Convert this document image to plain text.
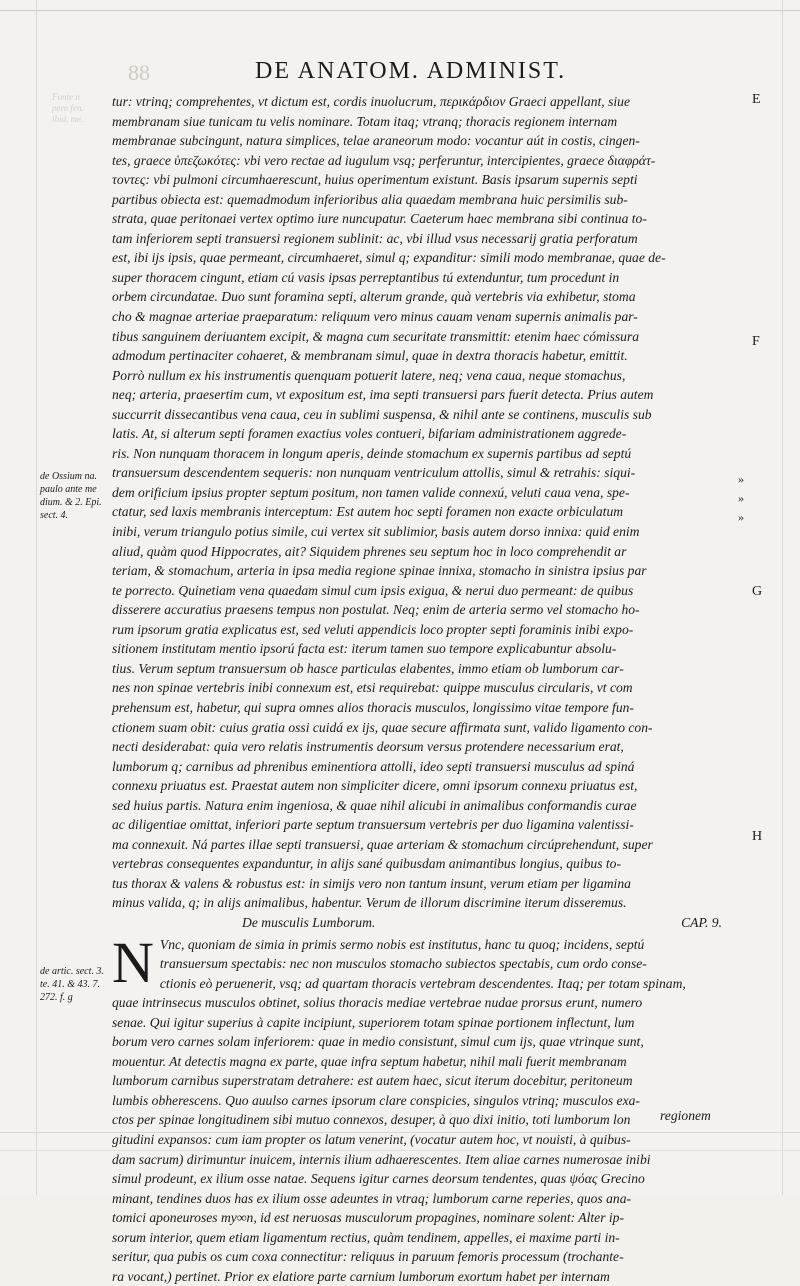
88	DE ANATOM. ADMINIST.
Fonte n
pero fen.
ibid. me.
tur: vtrinq; comprehentes, vt dictum est, cordis inuolucrum, περικάρδιον Graeci appellant, siue
membranam siue tunicam tu velis nominare. Totam itaq; vtranq; thoracis regionem internam
membranae subcingunt, natura simplices, telae araneorum modo: vocantur aút in costis, cingen-
tes, graece ὑπεζωκότες: vbi vero rectae ad iugulum vsq; perferuntur, intercipientes, graece διαφράτ-
τοντες: vbi pulmoni circumhaerescunt, huius operimentum existunt. Basis ipsarum supernis septi
partibus obiecta est: quemadmodum inferioribus alia quaedam membrana huic persimilis sub-
strata, quae peritonaei vertex optimo iure nuncupatur. Caeterum haec membrana sibi continua to-
tam inferiorem septi transuersi regionem sublinit: ac, vbi illud vsus necessarij gratia perforatum
est, ibi ijs ipsis, quae permeant, circumhaeret, simul q; expanditur: simili modo membranae, quae de-
super thoracem cingunt, etiam cú vasis ipsas perreptantibus tú extenduntur, tum procedunt in
orbem circundatae. Duo sunt foramina septi, alterum grande, quà vertebris via exhibetur, stoma
cho & magnae arteriae praeparatum: reliquum vero minus cauam venam supernis animalis par-
tibus sanguinem deriuantem excipit, & magna cum securitate transmittit: etenim haec cómissura
admodum pertinaciter cohaeret, & membranam simul, quae in dextra thoracis habetur, emittit.
Porrò nullum ex his instrumentis quenquam potuerit latere, neq; vena caua, neque stomachus,
neq; arteria, praesertim cum, vt expositum est, ima septi transuersi pars fuerit detecta. Prius autem
succurrit dissecantibus vena caua, ceu in sublimi suspensa, & nihil ante se continens, musculis sub
latis. At, si alterum septi foramen exactius voles contueri, bifariam administrationem aggrede-
ris. Non nunquam thoracem in longum aperis, deinde stomachum ex supernis partibus ad septú
transuersum descendentem sequeris: non nunquam ventriculum attollis, simul & retrahis: siqui-
dem orificium ipsius propter septum positum, non tamen valide connexú, veluti caua vena, spe-
ctatur, sed laxis membranis interceptum: Est autem hoc septi foramen non exacte orbiculatum
inibi, verum triangulo potius simile, cui vertex sit sublimior, basis autem dorso innixa: quid enim
aliud, quàm quod Hippocrates, ait? Siquidem phrenes seu septum hoc in loco comprehendit ar
teriam, & stomachum, arteria in ipsa media regione spinae innixa, stomacho in sinistra ipsius par
te porrecto. Quinetiam vena quaedam simul cum ipsis exigua, & nerui duo permeant: de quibus
disserere accuratius praesens tempus non postulat. Neq; enim de arteria sermo vel stomacho ho-
rum ipsorum gratia explicatus est, sed veluti appendicis loco propter septi foraminis inibi expo-
sitionem institutam mentio ipsorú facta est: iterum tamen suo tempore explicabuntur absolu-
tius. Verum septum transuersum ob hasce particulas elabentes, immo etiam ob lumborum car-
nes non spinae vertebris inibi connexum est, etsi requirebat: quippe musculus circularis, vt com
prehensum est, habetur, qui supra omnes alios thoracis musculos, longissimo vitae tempore fun-
ctionem suam obit: cuius gratia ossi cuidá ex ijs, quae secure affirmata sunt, valido ligamento con-
necti desiderabat: quia vero relatis instrumentis deorsum versus protendere necessarium erat,
lumborum q; carnibus ad phrenibus eminentiora attolli, ideo septi transuersi musculus ad spiná
connexu priuatus est. Praestat autem non simpliciter dicere, omni ipsorum connexu priuatus est,
sed huius partis. Natura enim ingeniosa, & quae nihil alicubi in animalibus conformandis curae
ac diligentiae omittat, inferiori parte septum transuersum vertebris per duo ligamina valentissi-
ma connexuit. Ná partes illae septi transuersi, quae arteriam & stomachum circúprehendunt, super
vertebras consequentes expanduntur, in alijs sané quibusdam animantibus longius, quibus to-
tus thorax & valens & robustus est: in simijs vero non tantum insunt, verum etiam per ligamina
minus valida, q; in alijs animalibus, habentur. Verum de illorum discrimine iterum disseremus.
De musculis Lumborum.	CAP. 9.
N Vnc, quoniam de simia in primis sermo nobis est institutus, hanc tu quoq; incidens, septú
transuersum spectabis: nec non musculos stomacho subiectos spectabis, cum ordo conse-
ctionis eò peruenerit, vsq; ad quartam thoracis vertebram descendentes. Itaq; per totam spinam,
quae intrinsecus musculos obtinet, solius thoracis mediae vertebrae nudae prorsus erunt, numero
senae. Qui igitur superius à capite incipiunt, superiorem totam spinae portionem inflectunt, lum
borum vero carnes solam inferiorem: quae in medio consistunt, simul cum ijs, quae vtrinque sunt,
mouentur. At detectis magna ex parte, quae infra septum habetur, nihil mali fuerit membranam
lumborum carnibus superstratam detrahere: est autem haec, sicut iterum docebitur, peritoneum
lumbis obherescens. Quo auulso carnes ipsorum clare conspicies, singulos vtrinq; musculos exa-
ctos per spinae longitudinem sibi mutuo connexos, desuper, à quo dixi initio, toti lumborum lon
gitudini expansos: cum iam propter os latum venerint, (vocatur autem hoc, vt nouisti, à quibus-
dam sacrum) dirimuntur inuicem, internis ilium adhaerescentes. Item aliae carnes numerosae inibi
simul prodeunt, ex ilium osse natae. Sequens igitur carnes deorsum tendentes, quas ψόας Grecino
minant, tendines duos has ex ilium osse adeuntes in vtraq; lumborum carne reperies, quos ana-
tomici aponeuroses my∞n, id est neruosas musculorum propagines, nominare solent: Alter ip-
sorum interior, quem etiam ligamentum rectius, quàm tendinem, appelles, ei maxime parti in-
seritur, qua pubis os cum coxa connectitur: reliquus in paruum femoris processum (trochante-
ra vocant,) pertinet. Prior ex elatiore parte carnium lumborum exortum habet per internam
de Ossium na. paulo ante me dium. & 2. Epi. sect. 4.
de artic. sect. 3. te. 41. & 43. 7. 272. f. g
E
F
G
H
»
»
»
regionem
